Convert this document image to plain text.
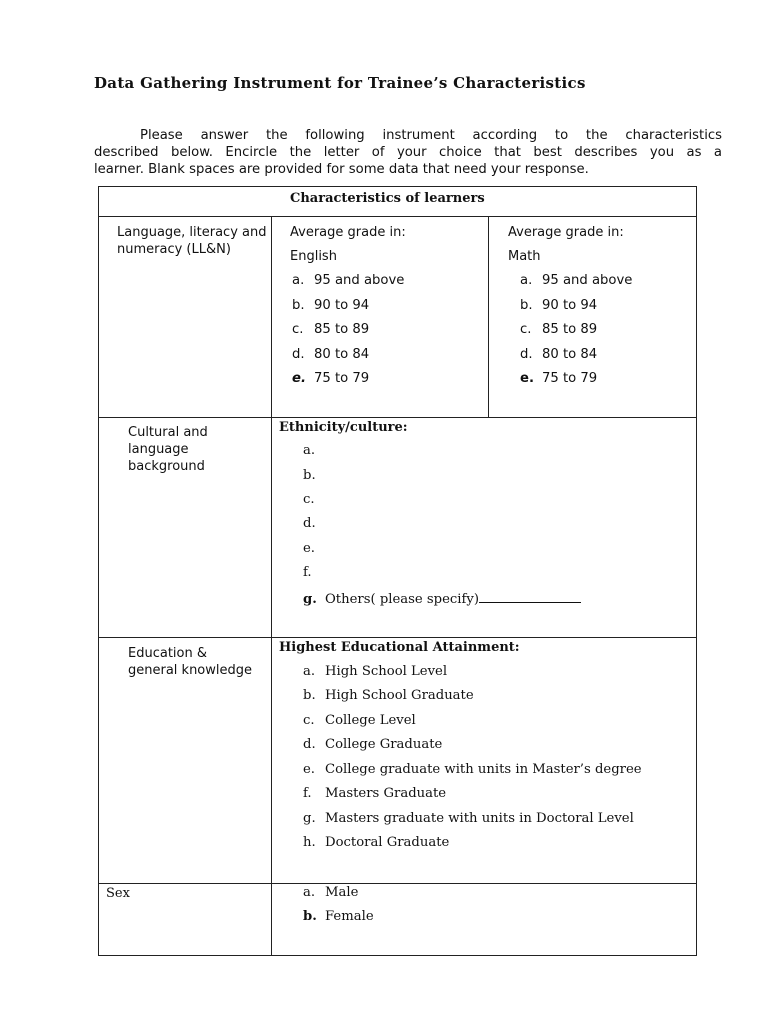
Data Gathering Instrument for Trainee’s Characteristics

Please answer the following instrument according to the characteristics

described below. Encircle the letter of your choice that best describes you as a

learner. Blank spaces are provided for some data that need your response.

Characteristics of learners
Language, literacy and numeracy (LL&N)
Average grade in:
English
a. 95 and above
b. 90 to 94
c. 85 to 89
d. 80 to 84
e. 75 to 79
Average grade in:
Math
a. 95 and above
b. 90 to 94
c. 85 to 89
d. 80 to 84
e. 75 to 79
Cultural and language background
Ethnicity/culture:
a.
b.
c.
d.
e.
f.
g. Others( please specify)
Education & general knowledge
Highest Educational Attainment:
a. High School Level
b. High School Graduate
c. College Level
d. College Graduate
e. College graduate with units in Master’s degree
f. Masters Graduate
g. Masters graduate with units in Doctoral Level
h. Doctoral Graduate
Sex	a. Male
b. Female
